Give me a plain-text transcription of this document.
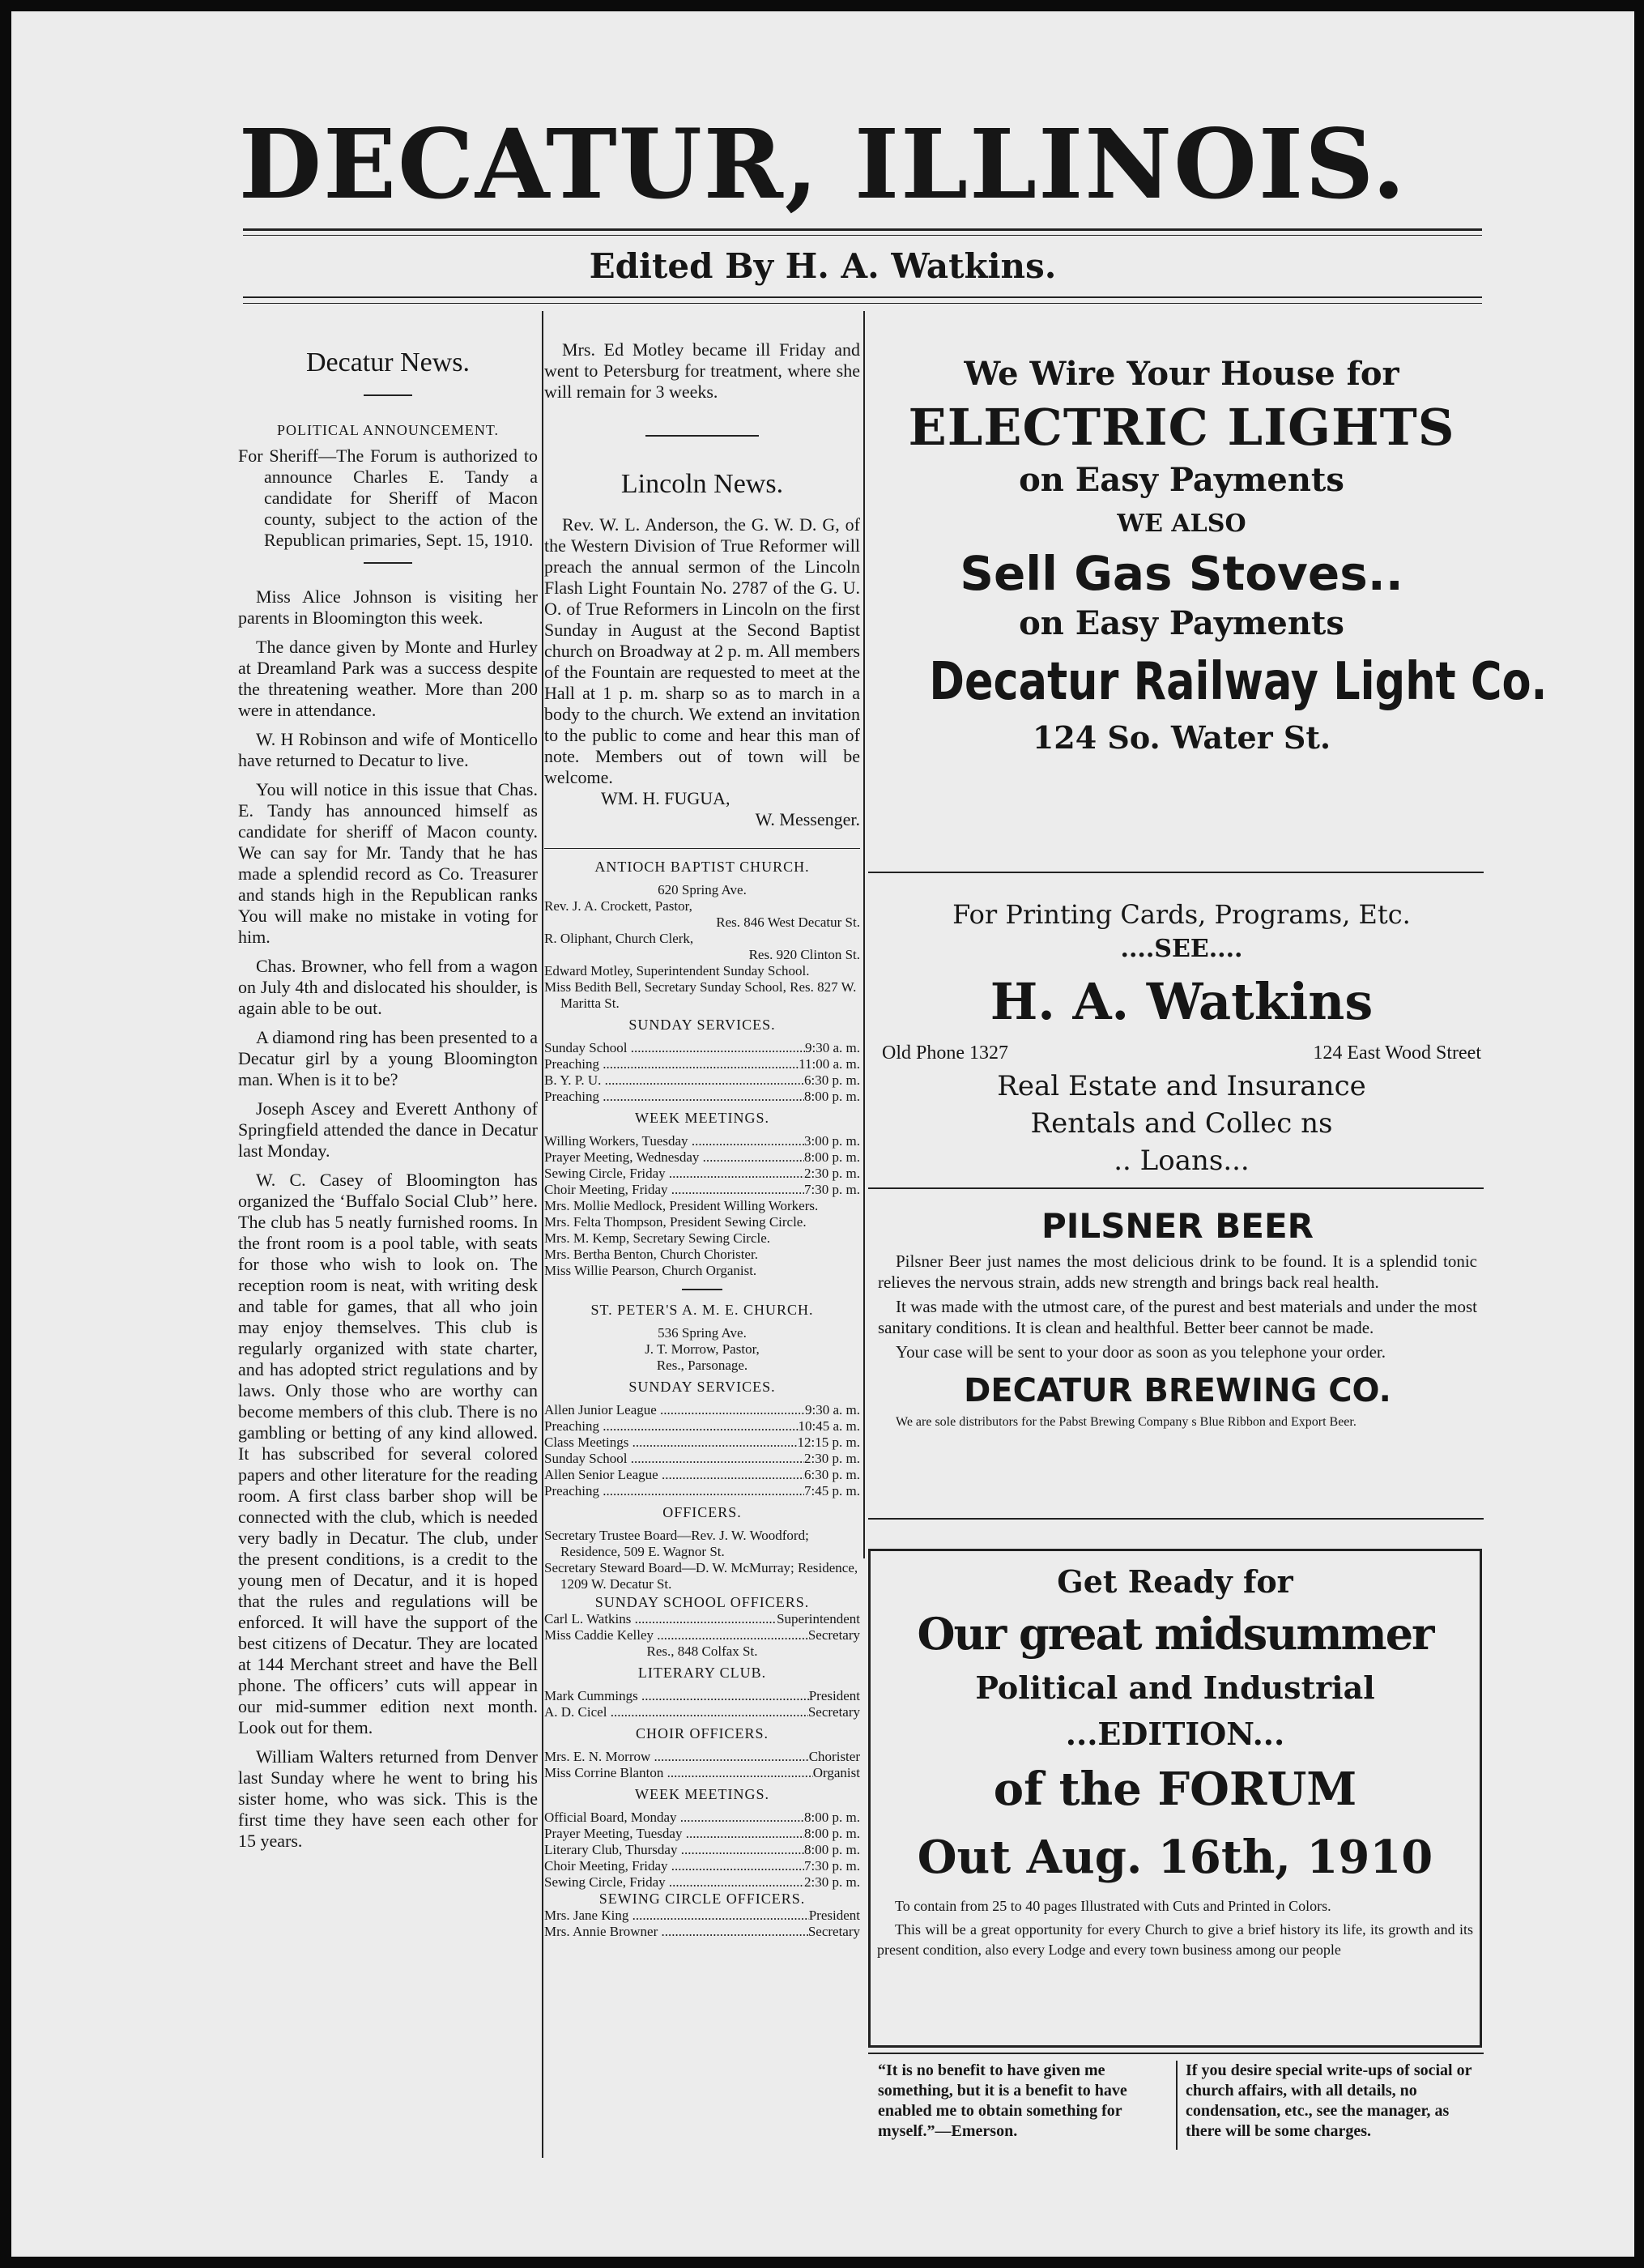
DECATUR, ILLINOIS.
Edited By H. A. Watkins.
Decatur News.
POLITICAL ANNOUNCEMENT.

For Sheriff—The Forum is authorized to announce Charles E. Tandy a candidate for Sheriff of Macon county, subject to the action of the Republican primaries, Sept. 15, 1910.

Miss Alice Johnson is visiting her parents in Bloomington this week.

The dance given by Monte and Hurley at Dreamland Park was a success despite the threatening weather. More than 200 were in attendance.

W. H Robinson and wife of Monticello have returned to Decatur to live.

You will notice in this issue that Chas. E. Tandy has announced himself as candidate for sheriff of Macon county. We can say for Mr. Tandy that he has made a splendid record as Co. Treasurer and stands high in the Republican ranks You will make no mistake in voting for him.

Chas. Browner, who fell from a wagon on July 4th and dislocated his shoulder, is again able to be out.

A diamond ring has been presented to a Decatur girl by a young Bloomington man. When is it to be?

Joseph Ascey and Everett Anthony of Springfield attended the dance in Decatur last Monday.

W. C. Casey of Bloomington has organized the ‘Buffalo Social Club’’ here. The club has 5 neatly furnished rooms. In the front room is a pool table, with seats for those who wish to look on. The reception room is neat, with writing desk and table for games, that all who join may enjoy themselves. This club is regularly organized with state charter, and has adopted strict regulations and by laws. Only those who are worthy can become members of this club. There is no gambling or betting of any kind allowed. It has subscribed for several colored papers and other literature for the reading room. A first class barber shop will be connected with the club, which is needed very badly in Decatur. The club, under the present conditions, is a credit to the young men of Decatur, and it is hoped that the rules and regulations will be enforced. It will have the support of the best citizens of Decatur. They are located at 144 Merchant street and have the Bell phone. The officers’ cuts will appear in our mid-summer edition next month. Look out for them.

William Walters returned from Denver last Sunday where he went to bring his sister home, who was sick. This is the first time they have seen each other for 15 years.

Mrs. Ed Motley became ill Friday and went to Petersburg for treatment, where she will remain for 3 weeks.

Lincoln News.

Rev. W. L. Anderson, the G. W. D. G, of the Western Division of True Reformer will preach the annual sermon of the Lincoln Flash Light Fountain No. 2787 of the G. U. O. of True Reformers in Lincoln on the first Sunday in August at the Second Baptist church on Broadway at 2 p. m. All members of the Fountain are requested to meet at the Hall at 1 p. m. sharp so as to march in a body to the church. We extend an invitation to the public to come and hear this man of note. Members out of town will be welcome.

WM. H. FUGUA,
W. Messenger.
ANTIOCH BAPTIST CHURCH.
620 Spring Ave.
Rev. J. A. Crockett, Pastor,
Res. 846 West Decatur St.
R. Oliphant, Church Clerk,
Res. 920 Clinton St.

Edward Motley, Superintendent Sunday School.

Miss Bedith Bell, Secretary Sunday School, Res. 827 W. Maritta St.

SUNDAY SERVICES.
Sunday School .....	9:30 a. m.
Preaching .....	11:00 a. m.
B. Y. P. U. .....	6:30 p. m.
Preaching .....	8:00 p. m.
WEEK MEETINGS.
Willing Workers, Tuesday .....	3:00 p. m.
Prayer Meeting, Wednesday .....	8:00 p. m.
Sewing Circle, Friday .....	2:30 p. m.
Choir Meeting, Friday .....	7:30 p. m.

Mrs. Mollie Medlock, President Willing Workers.

Mrs. Felta Thompson, President Sewing Circle.

Mrs. M. Kemp, Secretary Sewing Circle.

Mrs. Bertha Benton, Church Chorister.

Miss Willie Pearson, Church Organist.

ST. PETER'S A. M. E. CHURCH.
536 Spring Ave.
J. T. Morrow, Pastor,
Res., Parsonage.
SUNDAY SERVICES.
Allen Junior League .....	9:30 a. m.
Preaching .....	10:45 a. m.
Class Meetings .....	12:15 p. m.
Sunday School .....	2:30 p. m.
Allen Senior League .....	6:30 p. m.
Preaching .....	7:45 p. m.
OFFICERS.

Secretary Trustee Board—Rev. J. W. Woodford; Residence, 509 E. Wagnor St.

Secretary Steward Board—D. W. McMurray; Residence, 1209 W. Decatur St.

SUNDAY SCHOOL OFFICERS.
Carl L. Watkins .....	Superintendent
Miss Caddie Kelley .....	Secretary
Res., 848 Colfax St.
LITERARY CLUB.
Mark Cummings .....	President
A. D. Cicel .....	Secretary
CHOIR OFFICERS.
Mrs. E. N. Morrow .....	Chorister
Miss Corrine Blanton .....	Organist
WEEK MEETINGS.
Official Board, Monday .....	8:00 p. m.
Prayer Meeting, Tuesday .....	8:00 p. m.
Literary Club, Thursday .....	8:00 p. m.
Choir Meeting, Friday .....	7:30 p. m.
Sewing Circle, Friday .....	2:30 p. m.
SEWING CIRCLE OFFICERS.
Mrs. Jane King .....	President
Mrs. Annie Browner .....	Secretary
We Wire Your House for
ELECTRIC LIGHTS
on Easy Payments
WE ALSO
Sell Gas Stoves..
on Easy Payments
Decatur Railway Light Co.
124 So. Water St.
For Printing Cards, Programs, Etc.
....SEE....
H. A. Watkins
Old Phone 1327	124 East Wood Street
Real Estate and Insurance
Rentals and Collec ns
.. Loans...
PILSNER BEER

Pilsner Beer just names the most delicious drink to be found. It is a splendid tonic relieves the nervous strain, adds new strength and brings back real health.

It was made with the utmost care, of the purest and best materials and under the most sanitary conditions. It is clean and healthful. Better beer cannot be made.

Your case will be sent to your door as soon as you telephone your order.

DECATUR BREWING CO.

We are sole distributors for the Pabst Brewing Company s Blue Ribbon and Export Beer.

Get Ready for
Our great midsummer
Political and Industrial
...EDITION...
of the FORUM
Out Aug. 16th, 1910

To contain from 25 to 40 pages Illustrated with Cuts and Printed in Colors.

This will be a great opportunity for every Church to give a brief history its life, its growth and its present condition, also every Lodge and every town business among our people

“It is no benefit to have given me something, but it is a benefit to have enabled me to obtain something for myself.”—Emerson.
If you desire special write-ups of social or church affairs, with all details, no condensation, etc., see the manager, as there will be some charges.
